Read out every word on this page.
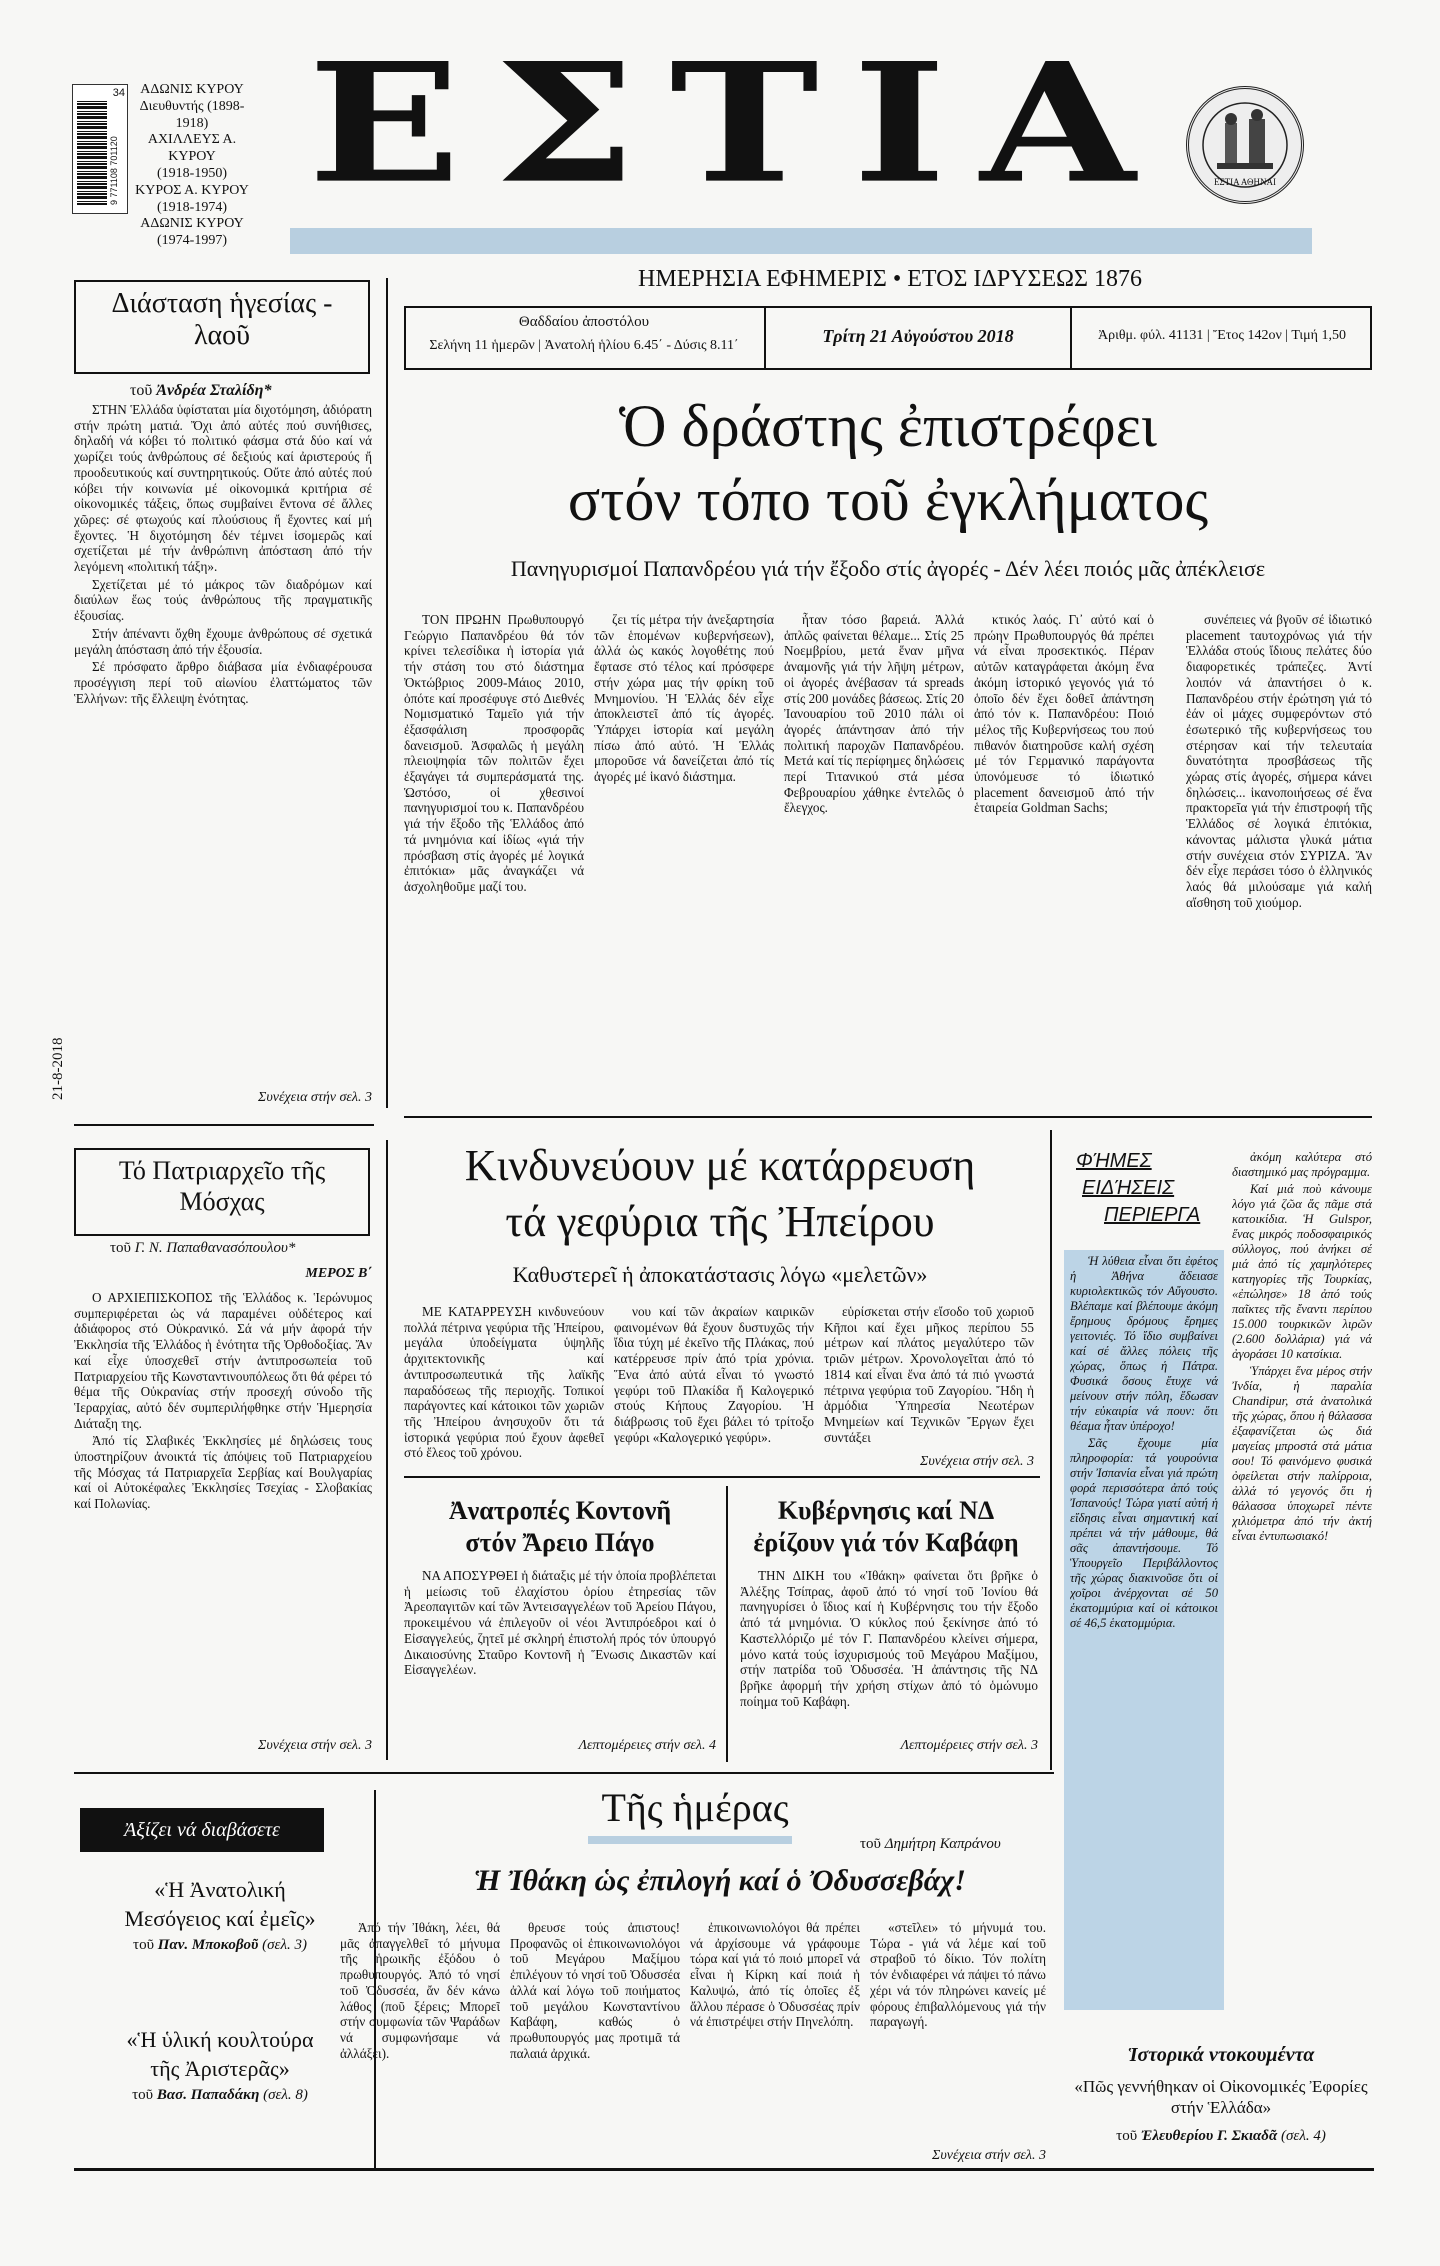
34
9 771108 701120
ΑΔΩΝΙΣ ΚΥΡΟΥ
Διευθυντής (1898-1918)
ΑΧΙΛΛΕΥΣ Α. ΚΥΡΟΥ
(1918-1950)
ΚΥΡΟΣ Α. ΚΥΡΟΥ
(1918-1974)
ΑΔΩΝΙΣ ΚΥΡΟΥ
(1974-1997)
ΕΣΤΙΑ	ΕΣΤΙΑ ΑΘΗΝΑΙ
ΗΜΕΡΗΣΙΑ ΕΦΗΜΕΡΙΣ • ΕΤΟΣ ΙΔΡΥΣΕΩΣ 1876
Θαδδαίου ἀποστόλου
Σελήνη 11 ἡμερῶν | Ἀνατολή ἡλίου 6.45΄ - Δύσις 8.11΄	Τρίτη 21 Αὐγούστου 2018	Ἀριθμ. φύλ. 41131 | Ἔτος 142ον | Τιμή 1,50
21-8-2018
Διάσταση ἡγεσίας - λαοῦ
τοῦ Ἀνδρέα Σταλίδη*

ΣΤΗΝ Ἑλλάδα ὑφίσταται μία διχοτόμηση, ἀδιόρατη στήν πρώτη ματιά. Ὄχι ἀπό αὐτές πού συνήθισες, δηλαδή νά κόβει τό πολιτικό φάσμα στά δύο καί νά χωρίζει τούς ἀνθρώπους σέ δεξιούς καί ἀριστερούς ἤ προοδευτικούς καί συντηρητικούς. Οὔτε ἀπό αὐτές πού κόβει τήν κοινωνία μέ οἰκονομικά κριτήρια σέ οἰκονομικές τάξεις, ὅπως συμβαίνει ἔντονα σέ ἄλλες χῶρες: σέ φτωχούς καί πλούσιους ἤ ἔχοντες καί μή ἔχοντες. Ἡ διχοτόμηση δέν τέμνει ἰσομερῶς καί σχετίζεται μέ τήν ἀνθρώπινη ἀπόσταση ἀπό τήν λεγόμενη «πολιτική τάξη».

Σχετίζεται μέ τό μάκρος τῶν διαδρόμων καί διαύλων ἕως τούς ἀνθρώπους τῆς πραγματικῆς ἐξουσίας.

Στήν ἀπέναντι ὄχθη ἔχουμε ἀνθρώπους σέ σχετικά μεγάλη ἀπόσταση ἀπό τήν ἐξουσία.

Σέ πρόσφατο ἄρθρο διάβασα μία ἐνδιαφέρουσα προσέγγιση περί τοῦ αἰωνίου ἐλαττώματος τῶν Ἑλλήνων: τῆς ἔλλειψη ἑνότητας.

Συνέχεια στήν σελ. 3
Ὁ δράστης ἐπιστρέφει
στόν τόπο τοῦ ἐγκλήματος
Πανηγυρισμοί Παπανδρέου γιά τήν ἔξοδο στίς ἀγορές - Δέν λέει ποιός μᾶς ἀπέκλεισε

ΤΟΝ ΠΡΩΗΝ Πρωθυπουργό Γεώργιο Παπανδρέου θά τόν κρίνει τελεσίδικα ἡ ἱστορία γιά τήν στάση του στό διάστημα Ὀκτώβριος 2009-Μάιος 2010, ὁπότε καί προσέφυγε στό Διεθνές Νομισματικό Ταμεῖο γιά τήν ἐξασφάλιση προσφορᾶς δανεισμοῦ. Ἀσφαλῶς ἡ μεγάλη πλειοψηφία τῶν πολιτῶν ἔχει ἐξαγάγει τά συμπεράσματά της. Ὡστόσο, οἱ χθεσινοί πανηγυρισμοί του κ. Παπανδρέου γιά τήν ἔξοδο τῆς Ἑλλάδος ἀπό τά μνημόνια καί ἰδίως «γιά τήν πρόσβαση στίς ἀγορές μέ λογικά ἐπιτόκια» μᾶς ἀναγκάζει νά ἀσχοληθοῦμε μαζί του.

ζει τίς μέτρα τήν ἀνεξαρτησία τῶν ἑπομένων κυβερνήσεων), ἀλλά ὡς κακός λογοθέτης πού ἔφτασε στό τέλος καί πρόσφερε στήν χώρα μας τήν φρίκη τοῦ Μνημονίου. Ἡ Ἑλλάς δέν εἶχε ἀποκλειστεῖ ἀπό τίς ἀγορές. Ὑπάρχει ἱστορία καί μεγάλη πίσω ἀπό αὐτό. Ἡ Ἑλλάς μποροῦσε νά δανείζεται ἀπό τίς ἀγορές μέ ἱκανό διάστημα.

ἦταν τόσο βαρειά. Ἀλλά ἁπλῶς φαίνεται θέλαμε... Στίς 25 Νοεμβρίου, μετά ἕναν μῆνα ἀναμονῆς γιά τήν λῆψη μέτρων, οἱ ἀγορές ἀνέβασαν τά spreads στίς 200 μονάδες βάσεως. Στίς 20 Ἰανουαρίου τοῦ 2010 πάλι οἱ ἀγορές ἀπάντησαν ἀπό τήν πολιτική παροχῶν Παπανδρέου. Μετά καί τίς περίφημες δηλώσεις περί Τιτανικού στά μέσα Φεβρουαρίου χάθηκε ἐντελῶς ὁ ἔλεγχος.

κτικός λαός. Γι᾽ αὐτό καί ὁ πρώην Πρωθυπουργός θά πρέπει νά εἶναι προσεκτικός. Πέραν αὐτῶν καταγράφεται ἀκόμη ἕνα ἀκόμη ἱστορικό γεγονός γιά τό ὁποῖο δέν ἔχει δοθεῖ ἀπάντηση ἀπό τόν κ. Παπανδρέου: Ποιό μέλος τῆς Κυβερνήσεως του πού πιθανόν διατηροῦσε καλή σχέση μέ τόν Γερμανικό παράγοντα ὑπονόμευσε τό ἰδιωτικό placement δανεισμοῦ ἀπό τήν ἑταιρεία Goldman Sachs;

συνέπειες νά βγοῦν σέ ἰδιωτικό placement ταυτοχρόνως γιά τήν Ἑλλάδα στούς ἴδιους πελάτες δύο διαφορετικές τράπεζες. Ἀντί λοιπόν νά ἀπαντήσει ὁ κ. Παπανδρέου στήν ἐρώτηση γιά τό ἐάν οἱ μάχες συμφερόντων στό ἐσωτερικό τῆς κυβερνήσεως του στέρησαν καί τήν τελευταία δυνατότητα προσβάσεως τῆς χώρας στίς ἀγορές, σήμερα κάνει δηλώσεις... ἱκανοποιήσεως σέ ἕνα πρακτορεῖα γιά τήν ἐπιστροφή τῆς Ἑλλάδος σέ λογικά ἐπιτόκια, κάνοντας μάλιστα γλυκά μάτια στήν συνέχεια στόν ΣΥΡΙΖΑ. Ἄν δέν εἶχε περάσει τόσο ὁ ἑλληνικός λαός θά μιλούσαμε γιά καλή αἴσθηση τοῦ χιούμορ.

Τό Πατριαρχεῖο τῆς Μόσχας
τοῦ Γ. Ν. Παπαθανασόπουλου*
ΜΕΡΟΣ Β΄

Ο ΑΡΧΙΕΠΙΣΚΟΠΟΣ τῆς Ἑλλάδος κ. Ἱερώνυμος συμπεριφέρεται ὡς νά παραμένει οὐδέτερος καί ἀδιάφορος στό Οὐκρανικό. Σά νά μήν ἀφορά τήν Ἐκκλησία τῆς Ἑλλάδος ἡ ἑνότητα τῆς Ὀρθοδοξίας. Ἄν καί εἶχε ὑποσχεθεῖ στήν ἀντιπροσωπεία τοῦ Πατριαρχείου τῆς Κωνσταντινουπόλεως ὅτι θά φέρει τό θέμα τῆς Οὐκρανίας στήν προσεχή σύνοδο τῆς Ἱεραρχίας, αὐτό δέν συμπεριλήφθηκε στήν Ἡμερησία Διάταξη της.

Ἀπό τίς Σλαβικές Ἐκκλησίες μέ δηλώσεις τους ὑποστηρίζουν ἀνοικτά τίς ἀπόψεις τοῦ Πατριαρχείου τῆς Μόσχας τά Πατριαρχεῖα Σερβίας καί Βουλγαρίας καί οἱ Αὐτοκέφαλες Ἐκκλησίες Τσεχίας - Σλοβακίας καί Πολωνίας.

Συνέχεια στήν σελ. 3
Κινδυνεύουν μέ κατάρρευση
τά γεφύρια τῆς Ἠπείρου
Καθυστερεῖ ἡ ἀποκατάστασις λόγω «μελετῶν»

ΜΕ ΚΑΤΑΡΡΕΥΣΗ κινδυνεύουν πολλά πέτρινα γεφύρια τῆς Ἠπείρου, μεγάλα ὑποδείγματα ὑψηλῆς ἀρχιτεκτονικῆς καί ἀντιπροσωπευτικά τῆς λαϊκῆς παραδόσεως τῆς περιοχῆς. Τοπικοί παράγοντες καί κάτοικοι τῶν χωριῶν τῆς Ἠπείρου ἀνησυχοῦν ὅτι τά ἱστορικά γεφύρια πού ἔχουν ἀφεθεῖ στό ἔλεος τοῦ χρόνου.

νου καί τῶν ἀκραίων καιρικῶν φαινομένων θά ἔχουν δυστυχῶς τήν ἴδια τύχη μέ ἐκεῖνο τῆς Πλάκας, πού κατέρρευσε πρίν ἀπό τρία χρόνια. Ἕνα ἀπό αὐτά εἶναι τό γνωστό γεφύρι τοῦ Πλακίδα ἤ Καλογερικό στούς Κήπους Ζαγορίου. Ἡ διάβρωσις τοῦ ἔχει βάλει τό τρίτοξο γεφύρι «Καλογερικό γεφύρι».

εὑρίσκεται στήν εἴσοδο τοῦ χωριοῦ Κῆποι καί ἔχει μῆκος περίπου 55 μέτρων καί πλάτος μεγαλύτερο τῶν τριῶν μέτρων. Χρονολογεῖται ἀπό τό 1814 καί εἶναι ἕνα ἀπό τά πιό γνωστά πέτρινα γεφύρια τοῦ Ζαγορίου. Ἤδη ἡ ἁρμόδια Ὑπηρεσία Νεωτέρων Μνημείων καί Τεχνικῶν Ἔργων ἔχει συντάξει

Συνέχεια στήν σελ. 3
Ἀνατροπές Κοντονῆ
στόν Ἄρειο Πάγο

ΝΑ ΑΠΟΣΥΡΘΕΙ ἡ διάταξις μέ τήν ὁποία προβλέπεται ἡ μείωσις τοῦ ἐλαχίστου ὁρίου ἐτηρεσίας τῶν Ἀρεοπαγιτῶν καί τῶν Ἀντεισαγγελέων τοῦ Ἀρείου Πάγου, προκειμένου νά ἐπιλεγοῦν οἱ νέοι Ἀντιπρόεδροι καί ὁ Εἰσαγγελεύς, ζητεῖ μέ σκληρή ἐπιστολή πρός τόν ὑπουργό Δικαιοσύνης Σταῦρο Κοντονῆ ἡ Ἕνωσις Δικαστῶν καί Εἰσαγγελέων.

Λεπτομέρειες στήν σελ. 4
Κυβέρνησις καί ΝΔ
ἐρίζουν γιά τόν Καβάφη

ΤΗΝ ΔΙΚΗ του «Ἰθάκη» φαίνεται ὅτι βρῆκε ὁ Ἀλέξης Τσίπρας, ἀφοῦ ἀπό τό νησί τοῦ Ἰονίου θά πανηγυρίσει ὁ ἴδιος καί ἡ Κυβέρνησις του τήν ἔξοδο ἀπό τά μνημόνια. Ὁ κύκλος πού ξεκίνησε ἀπό τό Καστελλόριζο μέ τόν Γ. Παπανδρέου κλείνει σήμερα, μόνο κατά τούς ἰσχυρισμούς τοῦ Μεγάρου Μαξίμου, στήν πατρίδα τοῦ Ὀδυσσέα. Ἡ ἀπάντησις τῆς ΝΔ βρῆκε ἀφορμή τήν χρήση στίχων ἀπό τό ὁμώνυμο ποίημα τοῦ Καβάφη.

Λεπτομέρειες στήν σελ. 3
ΦΉΜΕΣ
ΕΙΔΉΣΕΙΣ
ΠΕΡΙΕΡΓΑ

Ἡ λύθεια εἶναι ὅτι ἐφέτος ἡ Ἀθήνα ἄδειασε κυριολεκτικῶς τόν Αὔγουστο. Βλέπαμε καί βλέπουμε ἀκόμη ἔρημους δρόμους ἔρημες γειτονιές. Τό ἴδιο συμβαίνει καί σέ ἄλλες πόλεις τῆς χώρας, ὅπως ἡ Πάτρα. Φυσικά ὅσους ἔτυχε νά μείνουν στήν πόλη, ἔδωσαν τήν εὐκαιρία νά πουν: ὅτι θέαμα ἦταν ὑπέροχο!

Σᾶς ἔχουμε μία πληροφορία: τά γουρούνια στήν Ἰσπανία εἶναι γιά πρώτη φορά περισσότερα ἀπό τούς Ἰσπανούς! Τώρα γιατί αὐτή ἡ εἴδησις εἶναι σημαντική καί πρέπει νά τήν μάθουμε, θά σᾶς ἀπαντήσουμε. Τό Ὑπουργεῖο Περιβάλλοντος τῆς χώρας διακινοῦσε ὅτι οἱ χοῖροι ἀνέρχονται σέ 50 ἑκατομμύρια καί οἱ κάτοικοι σέ 46,5 ἑκατομμύρια.

ἀκόμη καλύτερα στό διαστημικό μας πρόγραμμα.

Καί μιά ποὺ κάνουμε λόγο γιά ζῶα ἄς πᾶμε στά κατοικίδια. Ἡ Gulspor, ἕνας μικρός ποδοσφαιρικός σύλλογος, πού ἀνήκει σέ μιά ἀπό τίς χαμηλότερες κατηγορίες τῆς Τουρκίας, «ἐπώλησε» 18 ἀπό τούς παῖκτες τῆς ἔναντι περίπου 15.000 τουρκικῶν λιρῶν (2.600 δολλάρια) γιά νά ἀγοράσει 10 κατσίκια.

Ὑπάρχει ἕνα μέρος στήν Ἰνδία, ἡ παραλία Chandipur, στά ἀνατολικά τῆς χώρας, ὅπου ἡ θάλασσα ἐξαφανίζεται ὡς διά μαγείας μπροστά στά μάτια σου! Τό φαινόμενο φυσικά ὀφείλεται στήν παλίρροια, ἀλλά τό γεγονός ὅτι ἡ θάλασσα ὑποχωρεῖ πέντε χιλιόμετρα ἀπό τήν ἀκτή εἶναι ἐντυπωσιακό!

Ἀξίζει νά διαβάσετε
«Ἡ Ἀνατολική Μεσόγειος καί ἐμεῖς»
τοῦ Παν. Μποκοβοῦ (σελ. 3)
«Ἡ ὑλική κουλτούρα τῆς Ἀριστερᾶς»
τοῦ Βασ. Παπαδάκη (σελ. 8)
Τῆς ἡμέρας
τοῦ Δημήτρη Καπράνου
Ἡ Ἰθάκη ὡς ἐπιλογή καί ὁ Ὀδυσσεβάχ!

Ἀπό τήν Ἰθάκη, λέει, θά μᾶς ἀπαγγελθεῖ τό μήνυμα τῆς ἡρωικῆς ἐξόδου ὁ πρωθυπουργός. Ἀπό τό νησί τοῦ Ὀδυσσέα, ἄν δέν κάνω λάθος (ποῦ ξέρεις; Μπορεῖ στήν συμφωνία τῶν Ψαράδων νά συμφωνήσαμε νά ἀλλάξει).

θρευσε τούς ἀπιστους! Προφανῶς οἱ ἐπικοινωνιολόγοι τοῦ Μεγάρου Μαξίμου ἐπιλέγουν τό νησί τοῦ Ὀδυσσέα ἀλλά καί λόγω τοῦ ποιήματος τοῦ μεγάλου Κωνσταντίνου Καβάφη, καθώς ὁ πρωθυπουργός μας προτιμᾶ τά παλαιά ἀρχικά.

ἐπικοινωνιολόγοι θά πρέπει νά ἀρχίσουμε νά γράφουμε τώρα καί γιά τό ποιό μπορεῖ νά εἶναι ἡ Κίρκη καί ποιά ἡ Καλυψώ, ἀπό τίς ὁποῖες ἐξ ἄλλου πέρασε ὁ Ὀδυσσέας πρίν νά ἐπιστρέψει στήν Πηνελόπη.

«στεῖλει» τό μήνυμά του. Τώρα - γιά νά λέμε καί τοῦ στραβοῦ τό δίκιο. Τόν πολίτη τόν ἐνδιαφέρει νά πάψει τό πάνω χέρι νά τόν πληρώνει κανείς μέ φόρους ἐπιβαλλόμενους γιά τήν παραγωγή.

Συνέχεια στήν σελ. 3
Ἱστορικά ντοκουμέντα
«Πῶς γεννήθηκαν οἱ Οἰκονομικές Ἐφορίες στήν Ἑλλάδα»
τοῦ Ἐλευθερίου Γ. Σκιαδᾶ (σελ. 4)
